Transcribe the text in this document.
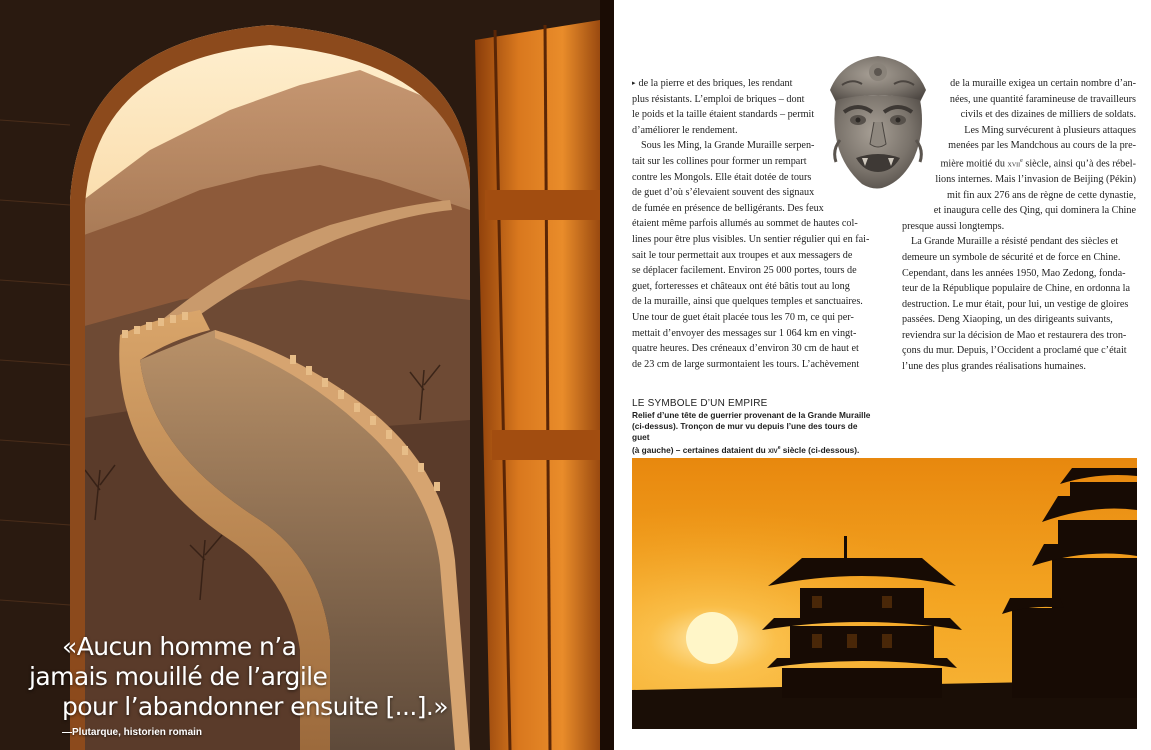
«Aucun homme n’a
jamais mouillé de l’argile
pour l’abandonner ensuite [...].»
—Plutarque, historien romain
▸ de la pierre et des briques, les rendant
plus résistants. L’emploi de briques – dont
le poids et la taille étaient standards – permit
d’améliorer le rendement.
Sous les Ming, la Grande Muraille serpen-
tait sur les collines pour former un rempart
contre les Mongols. Elle était dotée de tours
de guet d’où s’élevaient souvent des signaux
de fumée en présence de belligérants. Des feux
étaient même parfois allumés au sommet de hautes col-
lines pour être plus visibles. Un sentier régulier qui en fai-
sait le tour permettait aux troupes et aux messagers de
se déplacer facilement. Environ 25 000 portes, tours de
guet, forteresses et châteaux ont été bâtis tout au long
de la muraille, ainsi que quelques temples et sanctuaires.
Une tour de guet était placée tous les 70 m, ce qui per-
mettait d’envoyer des messages sur 1 064 km en vingt-
quatre heures. Des créneaux d’environ 30 cm de haut et
de 23 cm de large surmontaient les tours. L’achèvement
de la muraille exigea un certain nombre d’an-
nées, une quantité faramineuse de travailleurs
civils et des dizaines de milliers de soldats.
Les Ming survécurent à plusieurs attaques
menées par les Mandchous au cours de la pre-
mière moitié du xvii$^e$ siècle, ainsi qu’à des rébel-
lions internes. Mais l’invasion de Beijing (Pékin)
mit fin aux 276 ans de règne de cette dynastie,
et inaugura celle des Qing, qui dominera la Chine
presque aussi longtemps.
La Grande Muraille a résisté pendant des siècles et
demeure un symbole de sécurité et de force en Chine.
Cependant, dans les années 1950, Mao Zedong, fonda-
teur de la République populaire de Chine, en ordonna la
destruction. Le mur était, pour lui, un vestige de gloires
passées. Deng Xiaoping, un des dirigeants suivants,
reviendra sur la décision de Mao et restaurera des tron-
çons du mur. Depuis, l’Occident a proclamé que c’était
l’une des plus grandes réalisations humaines.
LE SYMBOLE D’UN EMPIRE
Relief d’une tête de guerrier provenant de la Grande Muraille
(ci-dessus). Tronçon de mur vu depuis l’une des tours de guet
(à gauche) – certaines dataient du xiv$^e$ siècle (ci-dessous).
